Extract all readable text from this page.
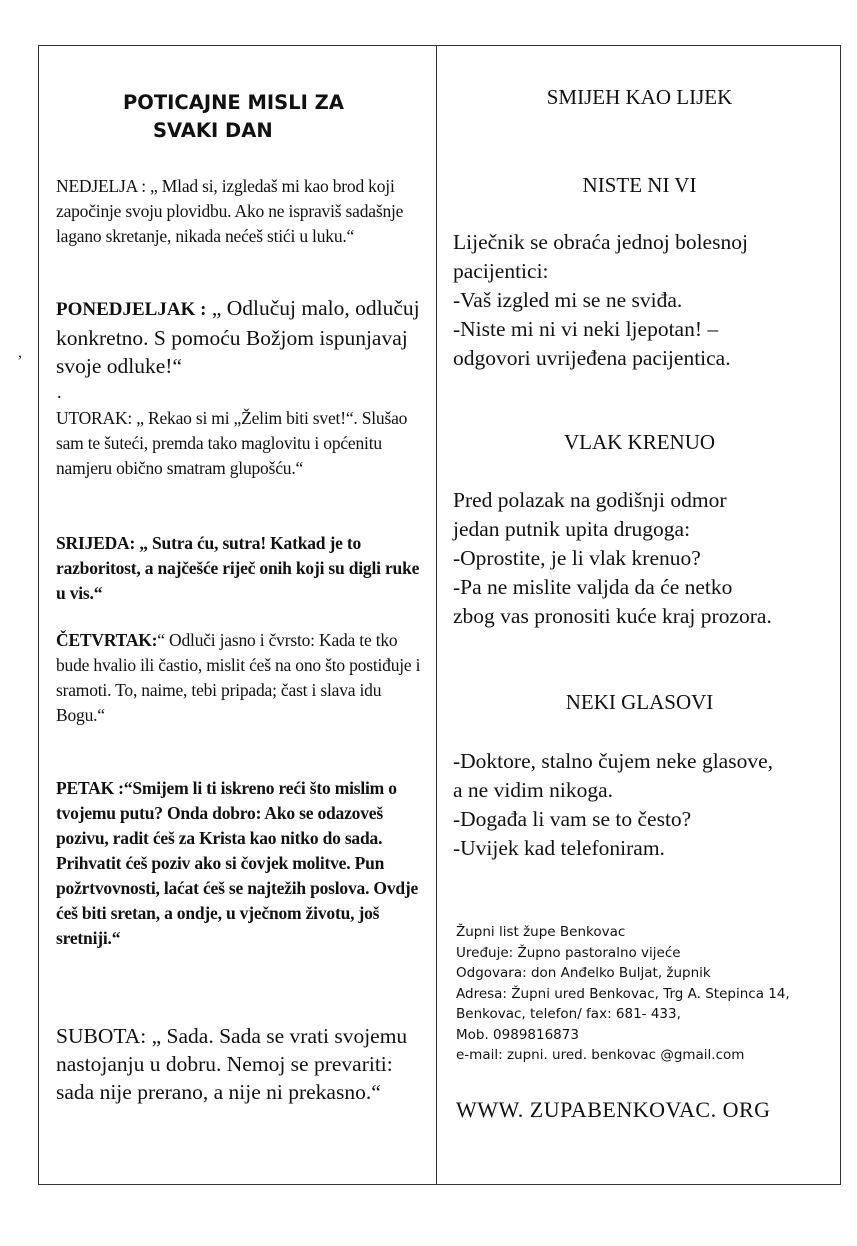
,
POTICAJNE MISLI ZA
SVAKI DAN
NEDJELJA : „ Mlad si, izgledaš mi kao brod koji započinje svoju plovidbu. Ako ne ispraviš sadašnje lagano skretanje, nikada nećeš stići u luku.“
PONEDJELJAK : „ Odlučuj malo, odlučuj konkretno. S pomoću Božjom ispunjavaj svoje odluke!“
.
UTORAK: „ Rekao si mi „Želim biti svet!“. Slušao sam te šuteći, premda tako maglovitu i općenitu namjeru obično smatram glupošću.“
SRIJEDA: „ Sutra ću, sutra! Katkad je to razboritost, a najčešće riječ onih koji su digli ruke u vis.“
ČETVRTAK:“ Odluči jasno i čvrsto: Kada te tko bude hvalio ili častio, mislit ćeš na ono što postiđuje i sramoti. To, naime, tebi pripada; čast i slava idu Bogu.“
PETAK :“Smijem li ti iskreno reći što mislim o tvojemu putu? Onda dobro: Ako se odazoveš pozivu, radit ćeš za Krista kao nitko do sada. Prihvatit ćeš poziv ako si čovjek molitve. Pun požrtvovnosti, laćat ćeš se najtežih poslova. Ovdje ćeš biti sretan, a ondje, u vječnom životu, još sretniji.“
SUBOTA: „ Sada. Sada se vrati svojemu nastojanju u dobru. Nemoj se prevariti: sada nije prerano, a nije ni prekasno.“
SMIJEH KAO LIJEK
NISTE NI VI
Liječnik se obraća jednoj bolesnoj
pacijentici:
-Vaš izgled mi se ne sviđa.
-Niste mi ni vi neki ljepotan! –
odgovori uvrijeđena pacijentica.
VLAK KRENUO
Pred polazak na godišnji odmor
jedan putnik upita drugoga:
-Oprostite, je li vlak krenuo?
-Pa ne mislite valjda da će netko
zbog vas pronositi kuće kraj prozora.
NEKI GLASOVI
-Doktore, stalno čujem neke glasove,
a ne vidim nikoga.
-Događa li vam se to često?
-Uvijek kad telefoniram.
Župni list župe Benkovac
Uređuje: Župno pastoralno vijeće
Odgovara: don Anđelko Buljat, župnik
Adresa: Župni ured Benkovac, Trg A. Stepinca 14,
Benkovac, telefon/ fax: 681- 433,
Mob. 0989816873
e-mail: zupni. ured. benkovac @gmail.com
WWW. ZUPABENKOVAC. ORG
